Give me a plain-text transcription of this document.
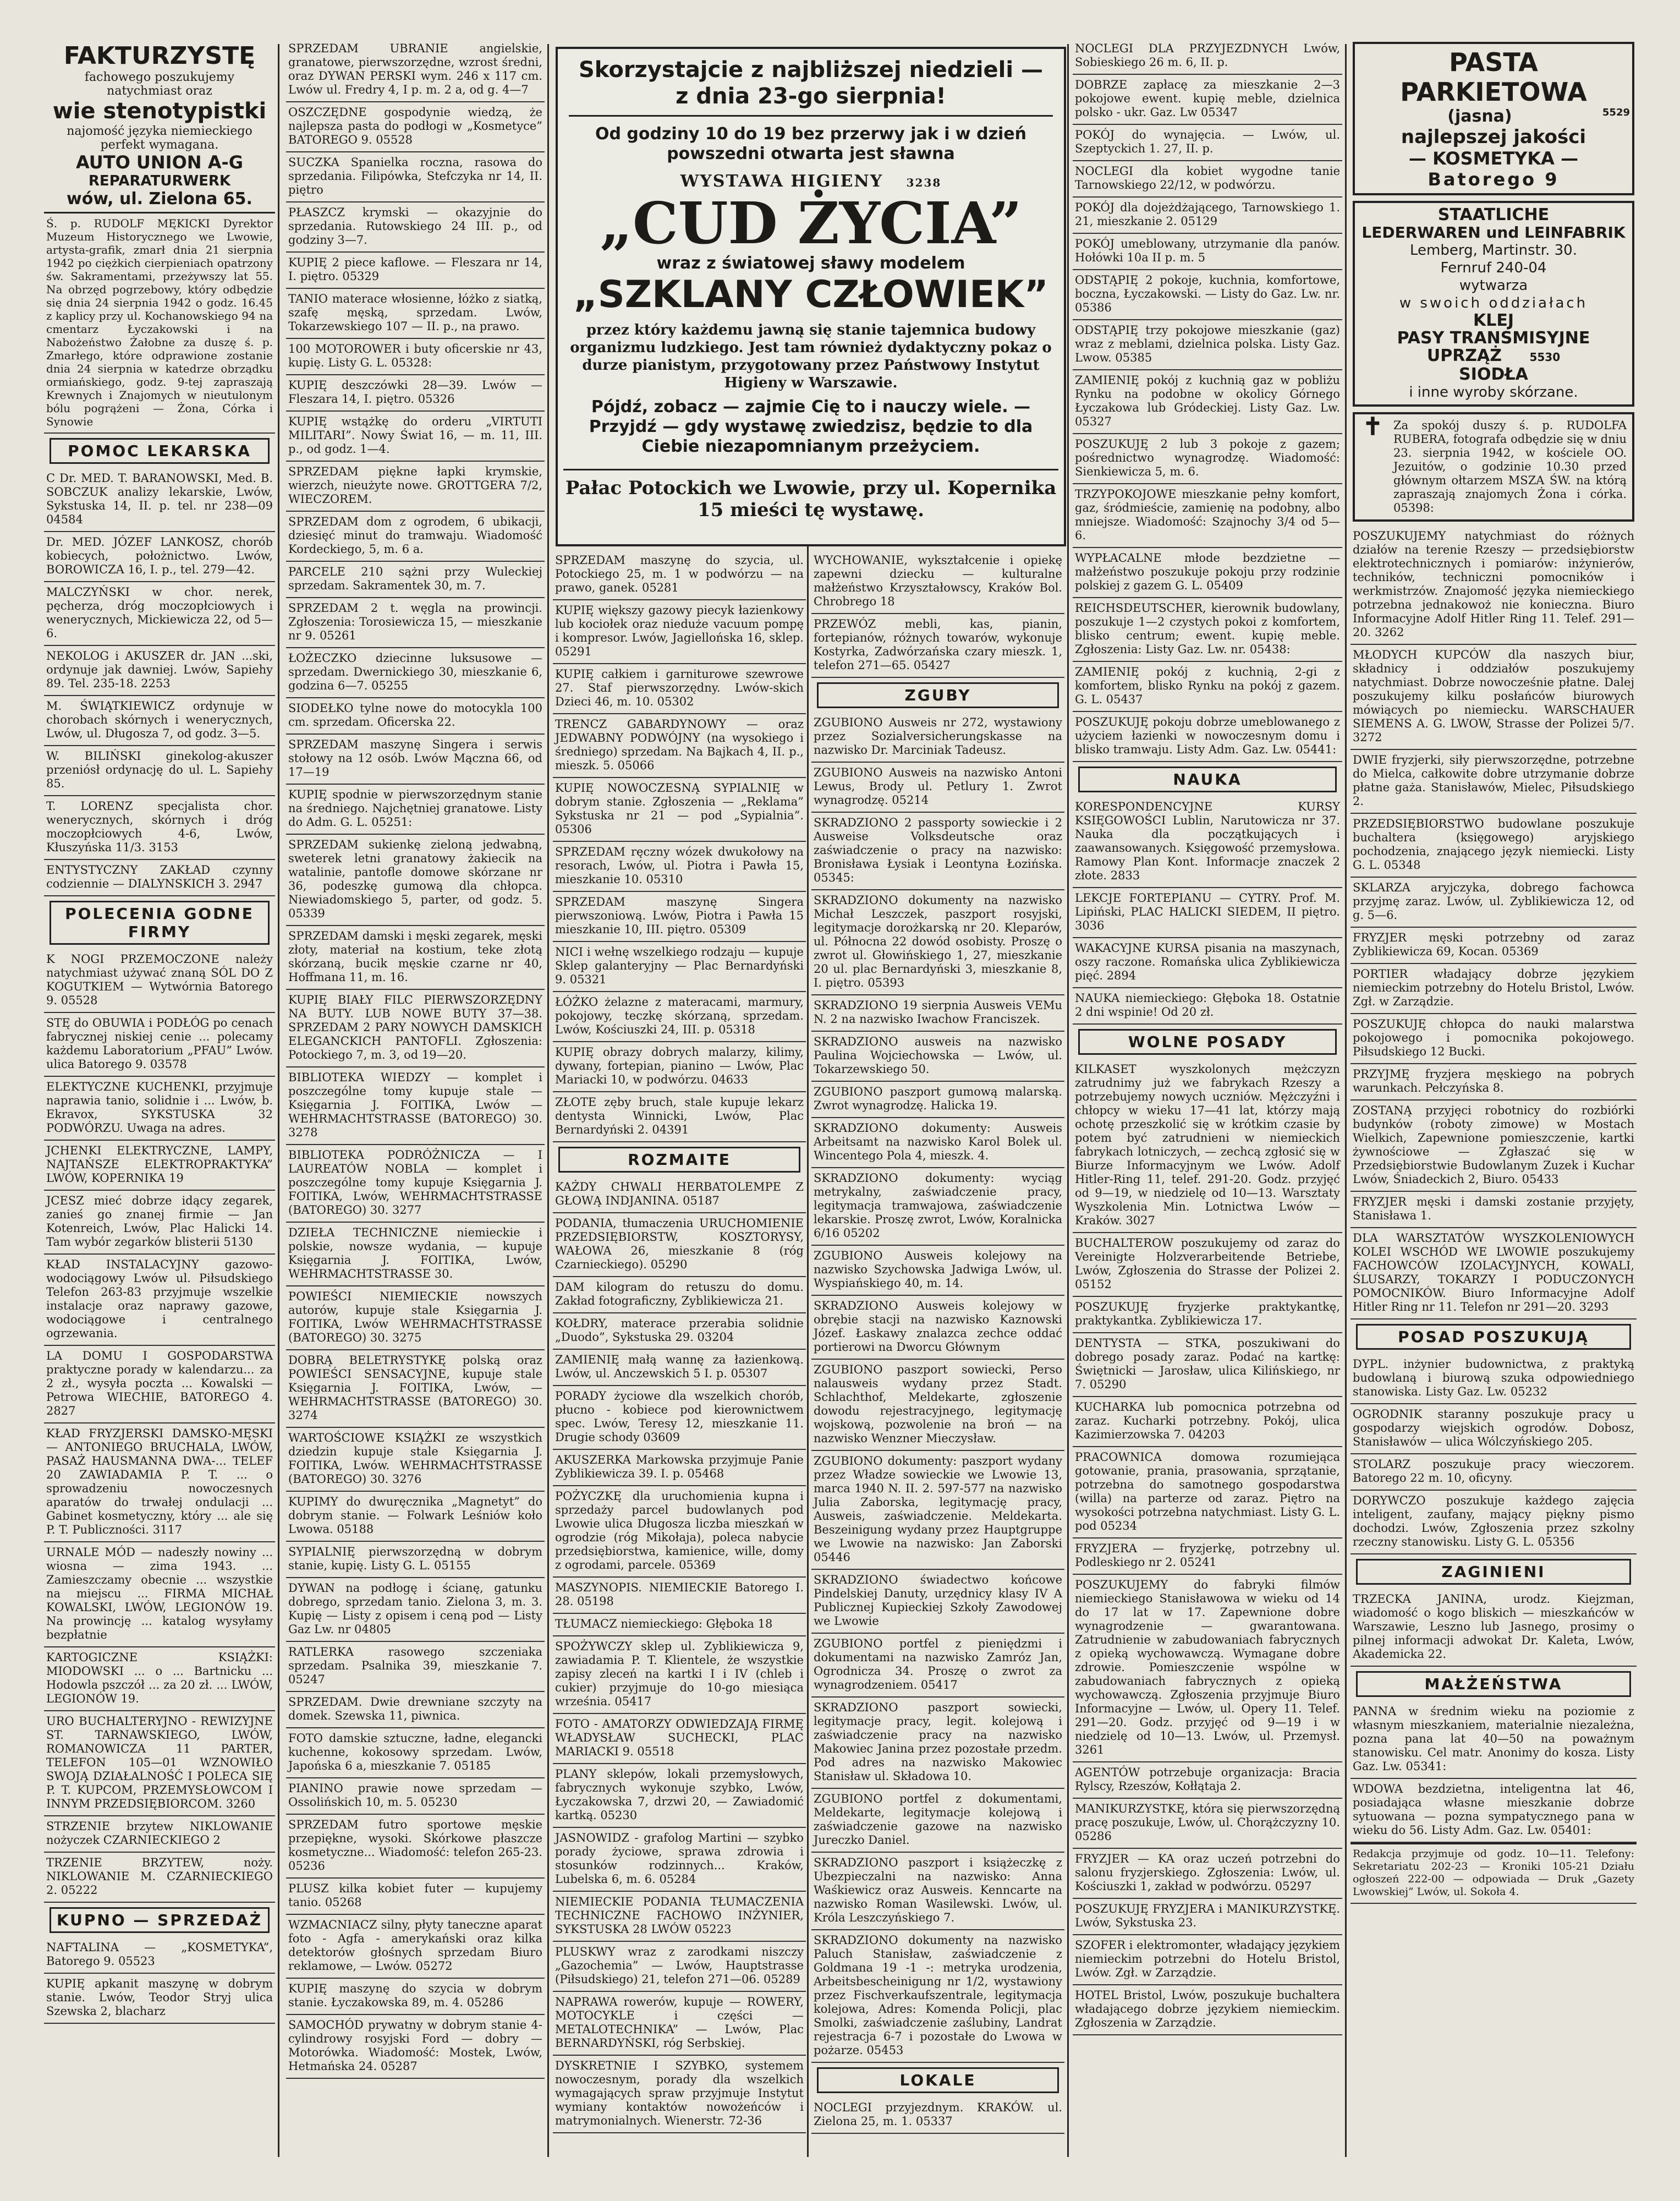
FAKTURZYSTĘ
fachowego poszukujemy natychmiast oraz
wie stenotypistki
najomość języka niemieckiego perfekt wymagana.
AUTO UNION A-G
REPARATURWERK
wów, ul. Zielona 65.
Ś. p. RUDOLF MĘKICKI Dyrektor Muzeum Historycznego we Lwowie, artysta-grafik, zmarł dnia 21 sierpnia 1942 po ciężkich cierpieniach opatrzony św. Sakramentami, przeżywszy lat 55. Na obrzęd pogrzebowy, który odbędzie się dnia 24 sierpnia 1942 o godz. 16.45 z kaplicy przy ul. Kochanowskiego 94 na cmentarz Łyczakowski i na Nabożeństwo Żałobne za duszę ś. p. Zmarłego, które odprawione zostanie dnia 24 sierpnia w katedrze obrządku ormiańskiego, godz. 9-tej zapraszają Krewnych i Znajomych w nieutulonym bólu pogrążeni — Żona, Córka i Synowie
POMOC LEKARSKA
C Dr. MED. T. BARANOWSKI, Med. B. SOBCZUK analizy lekarskie, Lwów, Sykstuska 14, II. p. tel. nr 238—09 04584
Dr. MED. JÓZEF LANKOSZ, chorób kobiecych, położnictwo. Lwów, BOROWICZA 16, I. p., tel. 279—42.
MALCZYŃSKI w chor. nerek, pęcherza, dróg moczopłciowych i wenerycznych, Mickiewicza 22, od 5—6.
NEKOLOG i AKUSZER dr. JAN ...ski, ordynuje jak dawniej. Lwów, Sapiehy 89. Tel. 235-18. 2253
M. ŚWIĄTKIEWICZ ordynuje w chorobach skórnych i wenerycznych, Lwów, ul. Długosza 7, od godz. 3—5.
W. BILIŃSKI ginekolog-akuszer przeniósł ordynację do ul. L. Sapiehy 85.
T. LORENZ specjalista chor. wenerycznych, skórnych i dróg moczopłciowych 4-6, Lwów, Kłuszyńska 11/3. 3153
ENTYSTYCZNY ZAKŁAD czynny codziennie — DIALYNSKICH 3. 2947
POLECENIA GODNE FIRMY
K NOGI PRZEMOCZONE należy natychmiast używać znaną SÓL DO Z KOGUTKIEM — Wytwórnia Batorego 9. 05528
STĘ do OBUWIA i PODŁÓG po cenach fabrycznej niskiej cenie ... polecamy każdemu Laboratorium „PFAU” Lwów. ulica Batorego 9. 03578
ELEKTYCZNE KUCHENKI, przyjmuje naprawia tanio, solidnie i ... Lwów, b. Ekravox, SYKSTUSKA 32 PODWÓRZU. Uwaga na adres.
JCHENKI ELEKTRYCZNE, LAMPY, NAJTAŃSZE ELEKTROPRAKTYKA” LWÓW, KOPERNIKA 19
JCESZ mieć dobrze idący zegarek, zanieś go znanej firmie — Jan Kotenreich, Lwów, Plac Halicki 14. Tam wybór zegarków blisterii 5130
KŁAD INSTALACYJNY gazowo-wodociągowy Lwów ul. Piłsudskiego Telefon 263-83 przyjmuje wszelkie instalacje oraz naprawy gazowe, wodociągowe i centralnego ogrzewania.
LA DOMU I GOSPODARSTWA praktyczne porady w kalendarzu... za 2 zł., wysyła poczta ... Kowalski — Petrowa WIECHIE, BATOREGO 4. 2827
KŁAD FRYZJERSKI DAMSKO-MĘSKI — ANTONIEGO BRUCHALA, LWÓW, PASAŻ HAUSMANNA DWA-... TELEF 20 ZAWIADAMIA P. T. ... o sprowadzeniu nowoczesnych aparatów do trwałej ondulacji ... Gabinet kosmetyczny, który ... ale się P. T. Publiczności. 3117
URNALE MÓD — nadeszły nowiny ... wiosna — zima 1943. ... Zamieszczamy obecnie ... wszystkie na miejscu ... FIRMA MICHAŁ KOWALSKI, LWÓW, LEGIONÓW 19. Na prowincję ... katalog wysyłamy bezpłatnie
KARTOGICZNE KSIĄŻKI: MIODOWSKI ... o ... Bartnicku ... Hodowla pszczół ... za 20 zł. ... LWÓW, LEGIONÓW 19.
URO BUCHALTERYJNO - REWIZYJNE ST. TARNAWSKIEGO, LWÓW, ROMANOWICZA 11 PARTER, TELEFON 105—01 WZNOWIŁO SWOJĄ DZIAŁALNOŚĆ I POLECA SIĘ P. T. KUPCOM, PRZEMYSŁOWCOM I INNYM PRZEDSIĘBIORCOM. 3260
STRZENIE brzytew NIKLOWANIE nożyczek CZARNIECKIEGO 2
TRZENIE BRZYTEW, noży. NIKLOWANIE M. CZARNIECKIEGO 2. 05222
KUPNO — SPRZEDAŻ
NAFTALINA — „KOSMETYKA”, Batorego 9. 05523
KUPIĘ apkanit maszynę w dobrym stanie. Lwów, Teodor Stryj ulica Szewska 2, blacharz
SPRZEDAM UBRANIE angielskie, granatowe, pierwszorzędne, wzrost średni, oraz DYWAN PERSKI wym. 246 x 117 cm. Lwów ul. Fredry 4, I p. m. 2 a, od g. 4—7
OSZCZĘDNE gospodynie wiedzą, że najlepsza pasta do podłogi w „Kosmetyce” BATOREGO 9. 05528
SUCZKA Spanielka roczna, rasowa do sprzedania. Filipówka, Stefczyka nr 14, II. piętro
PŁASZCZ krymski — okazyjnie do sprzedania. Rutowskiego 24 III. p., od godziny 3—7.
KUPIĘ 2 piece kaflowe. — Fleszara nr 14, I. piętro. 05329
TANIO materace włosienne, łóżko z siatką, szafę męską, sprzedam. Lwów, Tokarzewskiego 107 — II. p., na prawo.
100 MOTOROWER i buty oficerskie nr 43, kupię. Listy G. L. 05328:
KUPIĘ deszczówki 28—39. Lwów — Fleszara 14, I. piętro. 05326
KUPIĘ wstążkę do orderu „VIRTUTI MILITARI”. Nowy Świat 16, — m. 11, III. p., od godz. 1—4.
SPRZEDAM piękne łapki krymskie, wierzch, nieużyte nowe. GROTTGERA 7/2, WIECZOREM.
SPRZEDAM dom z ogrodem, 6 ubikacji, dziesięć minut do tramwaju. Wiadomość Kordeckiego, 5, m. 6 a.
PARCELE 210 sążni przy Wuleckiej sprzedam. Sakramentek 30, m. 7.
SPRZEDAM 2 t. węgla na prowincji. Zgłoszenia: Torosiewicza 15, — mieszkanie nr 9. 05261
ŁOŻECZKO dziecinne luksusowe — sprzedam. Dwernickiego 30, mieszkanie 6, godzina 6—7. 05255
SIODEŁKO tylne nowe do motocykla 100 cm. sprzedam. Oficerska 22.
SPRZEDAM maszynę Singera i serwis stołowy na 12 osób. Lwów Mączna 66, od 17—19
KUPIĘ spodnie w pierwszorzędnym stanie na średniego. Najchętniej granatowe. Listy do Adm. G. L. 05251:
SPRZEDAM sukienkę zieloną jedwabną, sweterek letni granatowy żakiecik na watalinie, pantofle domowe skórzane nr 36, podeszkę gumową dla chłopca. Niewiadomskiego 5, parter, od godz. 5. 05339
SPRZEDAM damski i męski zegarek, męski złoty, materiał na kostium, teke złotą skórzaną, bucik męskie czarne nr 40, Hoffmana 11, m. 16.
KUPIĘ BIAŁY FILC PIERWSZORZĘDNY NA BUTY. LUB NOWE BUTY 37—38. SPRZEDAM 2 PARY NOWYCH DAMSKICH ELEGANCKICH PANTOFLI. Zgłoszenia: Potockiego 7, m. 3, od 19—20.
BIBLIOTEKA WIEDZY — komplet i poszczególne tomy kupuje stale — Księgarnia J. FOITIKA, Lwów — WEHRMACHTSTRASSE (BATOREGO) 30. 3278
BIBLIOTEKA PODRÓŻNICZA — I LAUREATÓW NOBLA — komplet i poszczególne tomy kupuje Księgarnia J. FOITIKA, Lwów, WEHRMACHTSTRASSE (BATOREGO) 30. 3277
DZIEŁA TECHNICZNE niemieckie i polskie, nowsze wydania, — kupuje Księgarnia J. FOITIKA, Lwów, WEHRMACHTSTRASSE 30.
POWIEŚCI NIEMIECKIE nowszych autorów, kupuje stale Księgarnia J. FOITIKA, Lwów WEHRMACHTSTRASSE (BATOREGO) 30. 3275
DOBRĄ BELETRYSTYKĘ polską oraz POWIEŚCI SENSACYJNE, kupuje stale Księgarnia J. FOITIKA, Lwów, — WEHRMACHTSTRASSE (BATOREGO) 30. 3274
WARTOŚCIOWE KSIĄŻKI ze wszystkich dziedzin kupuje stale Księgarnia J. FOITIKA, Lwów. WEHRMACHTSTRASSE (BATOREGO) 30. 3276
KUPIMY do dwuręcznika „Magnetyt” do dobrym stanie. — Folwark Leśniów koło Lwowa. 05188
SYPIALNIĘ pierwszorzędną w dobrym stanie, kupię. Listy G. L. 05155
DYWAN na podłogę i ścianę, gatunku dobrego, sprzedam tanio. Zielona 3, m. 3. Kupię — Listy z opisem i ceną pod — Listy Gaz Lw. nr 04805
RATLERKA rasowego szczeniaka sprzedam. Psalnika 39, mieszkanie 7. 05247
SPRZEDAM. Dwie drewniane szczyty na domek. Szewska 11, piwnica.
FOTO damskie sztuczne, ładne, elegancki kuchenne, kokosowy sprzedam. Lwów, Japońska 6 a, mieszkanie 7. 05185
PIANINO prawie nowe sprzedam — Ossolińskich 10, m. 5. 05230
SPRZEDAM futro sportowe męskie przepiękne, wysoki. Skórkowe płaszcze kosmetyczne... Wiadomość: telefon 265-23. 05236
PLUSZ kilka kobiet futer — kupujemy tanio. 05268
WZMACNIACZ silny, płyty taneczne aparat foto - Agfa - amerykański oraz kilka detektorów głośnych sprzedam Biuro reklamowe, — Lwów. 05272
KUPIĘ maszynę do szycia w dobrym stanie. Łyczakowska 89, m. 4. 05286
SAMOCHÓD prywatny w dobrym stanie 4-cylindrowy rosyjski Ford — dobry — Motorówka. Wiadomość: Mostek, Lwów, Hetmańska 24. 05287
Skorzystajcie z najbliższej niedzieli — z dnia 23-go sierpnia!
Od godziny 10 do 19 bez przerwy jak i w dzień powszedni otwarta jest sławna
WYSTAWA HIGIENY 3238
„CUD ŻYCIA”
wraz z światowej sławy modelem
„SZKLANY CZŁOWIEK”
przez który każdemu jawną się stanie tajemnica budowy organizmu ludzkiego. Jest tam również dydaktyczny pokaz o durze pianistym, przygotowany przez Państwowy Instytut Higieny w Warszawie.
Pójdź, zobacz — zajmie Cię to i nauczy wiele. — Przyjdź — gdy wystawę zwiedzisz, będzie to dla Ciebie niezapomnianym przeżyciem.
Pałac Potockich we Lwowie, przy ul. Kopernika 15 mieści tę wystawę.
SPRZEDAM maszynę do szycia, ul. Potockiego 25, m. 1 w podwórzu — na prawo, ganek. 05281
KUPIĘ większy gazowy piecyk łazienkowy lub kociołek oraz nieduże vacuum pompę i kompresor. Lwów, Jagiellońska 16, sklep. 05291
KUPIĘ całkiem i garniturowe szewrowe 27. Staf pierwszorzędny. Lwów-skich Dzieci 46, m. 10. 05302
TRENCZ GABARDYNOWY — oraz JEDWABNY PODWÓJNY (na wysokiego i średniego) sprzedam. Na Bajkach 4, II. p., mieszk. 5. 05066
KUPIĘ NOWOCZESNĄ SYPIALNIĘ w dobrym stanie. Zgłoszenia — „Reklama” Sykstuska nr 21 — pod „Sypialnia”. 05306
SPRZEDAM ręczny wózek dwukołowy na resorach, Lwów, ul. Piotra i Pawła 15, mieszkanie 10. 05310
SPRZEDAM maszynę Singera pierwszoniową. Lwów, Piotra i Pawła 15 mieszkanie 10, III. piętro. 05309
NICI i wełnę wszelkiego rodzaju — kupuje Sklep galanteryjny — Plac Bernardyński 9. 05321
ŁÓŻKO żelazne z materacami, marmury, pokojowy, teczkę skórzaną, sprzedam. Lwów, Kościuszki 24, III. p. 05318
KUPIĘ obrazy dobrych malarzy, kilimy, dywany, fortepian, pianino — Lwów, Plac Mariacki 10, w podwórzu. 04633
ZŁOTE zęby bruch, stale kupuje lekarz dentysta Winnicki, Lwów, Plac Bernardyński 2. 04391
ROZMAITE
KAŻDY CHWALI HERBATOLEMPE Z GŁOWĄ INDJANINA. 05187
PODANIA, tłumaczenia URUCHOMIENIE PRZEDSIĘBIORSTW, KOSZTORYSY, WAŁOWA 26, mieszkanie 8 (róg Czarnieckiego). 05290
DAM kilogram do retuszu do domu. Zakład fotograficzny, Zyblikiewicza 21.
KOŁDRY, materace przerabia solidnie „Duodo”, Sykstuska 29. 03204
ZAMIENIĘ małą wannę za łazienkową. Lwów, ul. Anczewskich 5 I. p. 05307
PORADY życiowe dla wszelkich chorób, płucno - kobiece pod kierownictwem spec. Lwów, Teresy 12, mieszkanie 11. Drugie schody 03609
AKUSZERKA Markowska przyjmuje Panie Zyblikiewicza 39. I. p. 05468
POŻYCZKĘ dla uruchomienia kupna i sprzedaży parcel budowlanych pod Lwowie ulica Długosza liczba mieszkań w ogrodzie (róg Mikołaja), poleca nabycie przedsiębiorstwa, kamienice, wille, domy z ogrodami, parcele. 05369
MASZYNOPIS. NIEMIECKIE Batorego I. 28. 05198
TŁUMACZ niemieckiego: Głęboka 18
SPOŻYWCZY sklep ul. Zyblikiewicza 9, zawiadamia P. T. Klientele, że wszystkie zapisy zleceń na kartki I i IV (chleb i cukier) przyjmuje do 10-go miesiąca września. 05417
FOTO - AMATORZY ODWIEDZAJĄ FIRMĘ WŁADYSŁAW SUCHECKI, PLAC MARIACKI 9. 05518
PLANY sklepów, lokali przemysłowych, fabrycznych wykonuje szybko, Lwów, Łyczakowska 7, drzwi 20, — Zawiadomić kartką. 05230
JASNOWIDZ - grafolog Martini — szybko porady życiowe, sprawa zdrowia i stosunków rodzinnych... Kraków, Lubelska 6, m. 6. 05284
NIEMIECKIE PODANIA TŁUMACZENIA TECHNICZNE FACHOWO INŻYNIER, SYKSTUSKA 28 LWÓW 05223
PLUSKWY wraz z zarodkami niszczy „Gazochemia” — Lwów, Hauptstrasse (Piłsudskiego) 21, telefon 271—06. 05289
NAPRAWA rowerów, kupuje — ROWERY, MOTOCYKLE i części — METALOTECHNIKA” — Lwów, Plac BERNARDYŃSKI, róg Serbskiej.
DYSKRETNIE I SZYBKO, systemem nowoczesnym, porady dla wszelkich wymagających spraw przyjmuje Instytut wymiany kontaktów nowożeńców i matrymonialnych. Wienerstr. 72-36
WYCHOWANIE, wykształcenie i opiekę zapewni dziecku — kulturalne małżeństwo Krzyształowscy, Kraków Bol. Chrobrego 18
PRZEWÓZ mebli, kas, pianin, fortepianów, różnych towarów, wykonuje Kostyrka, Zadwórzańska czary mieszk. 1, telefon 271—65. 05427
ZGUBY
ZGUBIONO Ausweis nr 272, wystawiony przez Sozialversicherungskasse na nazwisko Dr. Marciniak Tadeusz.
ZGUBIONO Ausweis na nazwisko Antoni Lewus, Brody ul. Petlury 1. Zwrot wynagrodzę. 05214
SKRADZIONO 2 passporty sowieckie i 2 Ausweise Volksdeutsche oraz zaświadczenie o pracy na nazwisko: Bronisława Łysiak i Leontyna Łozińska. 05345:
SKRADZIONO dokumenty na nazwisko Michał Leszczek, paszport rosyjski, legitymacje dorożkarską nr 20. Kleparów, ul. Północna 22 dowód osobisty. Proszę o zwrot ul. Głowińskiego 1, 27, mieszkanie 20 ul. plac Bernardyński 3, mieszkanie 8, I. piętro. 05393
SKRADZIONO 19 sierpnia Ausweis VEMu N. 2 na nazwisko Iwachow Franciszek.
SKRADZIONO ausweis na nazwisko Paulina Wojciechowska — Lwów, ul. Tokarzewskiego 50.
ZGUBIONO paszport gumową malarską. Zwrot wynagrodzę. Halicka 19.
SKRADZIONO dokumenty: Ausweis Arbeitsamt na nazwisko Karol Bolek ul. Wincentego Pola 4, mieszk. 4.
SKRADZIONO dokumenty: wyciąg metrykalny, zaświadczenie pracy, legitymacja tramwajowa, zaświadczenie lekarskie. Proszę zwrot, Lwów, Koralnicka 6/16 05202
ZGUBIONO Ausweis kolejowy na nazwisko Szychowska Jadwiga Lwów, ul. Wyspiańskiego 40, m. 14.
SKRADZIONO Ausweis kolejowy w obrębie stacji na nazwisko Kaznowski Józef. Łaskawy znalazca zechce oddać portierowi na Dworcu Głównym
ZGUBIONO paszport sowiecki, Perso nalausweis wydany przez Stadt. Schlachthof, Meldekarte, zgłoszenie dowodu rejestracyjnego, legitymację wojskową, pozwolenie na broń — na nazwisko Wenzner Mieczysław.
ZGUBIONO dokumenty: paszport wydany przez Władze sowieckie we Lwowie 13, marca 1940 N. II. 2. 597-577 na nazwisko Julia Zaborska, legitymację pracy, Ausweis, zaświadczenie. Meldekarta. Beszeinigung wydany przez Hauptgruppe we Lwowie na nazwisko: Jan Zaborski 05446
SKRADZIONO świadectwo końcowe Pindelskiej Danuty, urzędnicy klasy IV A Publicznej Kupieckiej Szkoły Zawodowej we Lwowie
ZGUBIONO portfel z pieniędzmi i dokumentami na nazwisko Zamróz Jan, Ogrodnicza 34. Proszę o zwrot za wynagrodzeniem. 05417
SKRADZIONO paszport sowiecki, legitymacje pracy, legit. kolejową i zaświadczenie pracy na nazwisko Makowiec Janina przez pozostałe przedm. Pod adres na nazwisko Makowiec Stanisław ul. Składowa 10.
ZGUBIONO portfel z dokumentami, Meldekarte, legitymacje kolejową i zaświadczenie gazowe na nazwisko Jureczko Daniel.
SKRADZIONO paszport i książeczkę z Ubezpieczalni na nazwisko: Anna Waśkiewicz oraz Ausweis. Kenncarte na nazwisko Roman Wasilewski. Lwów, ul. Króla Leszczyńskiego 7.
SKRADZIONO dokumenty na nazwisko Paluch Stanisław, zaświadczenie z Goldmana 19 -1 -: metryka urodzenia, Arbeitsbescheinigung nr 1/2, wystawiony przez Fischverkaufszentrale, legitymacja kolejowa, Adres: Komenda Policji, plac Smolki, zaświadczenie zaślubiny, Landrat rejestracja 6-7 i pozostałe do Lwowa w pożarze. 05453
LOKALE
NOCLEGI przyjezdnym. KRAKÓW. ul. Zielona 25, m. 1. 05337
NOCLEGI DLA PRZYJEZDNYCH Lwów, Sobieskiego 26 m. 6, II. p.
DOBRZE zapłacę za mieszkanie 2—3 pokojowe ewent. kupię meble, dzielnica polsko - ukr. Gaz. Lw 05347
POKÓJ do wynajęcia. — Lwów, ul. Szeptyckich 1. 27, II. p.
NOCLEGI dla kobiet wygodne tanie Tarnowskiego 22/12, w podwórzu.
POKÓJ dla dojeżdżającego, Tarnowskiego 1. 21, mieszkanie 2. 05129
POKÓJ umeblowany, utrzymanie dla panów. Hołówki 10a II p. m. 5
ODSTĄPIĘ 2 pokoje, kuchnia, komfortowe, boczna, Łyczakowski. — Listy do Gaz. Lw. nr. 05386
ODSTĄPIĘ trzy pokojowe mieszkanie (gaz) wraz z meblami, dzielnica polska. Listy Gaz. Lwow. 05385
ZAMIENIĘ pokój z kuchnią gaz w pobliżu Rynku na podobne w okolicy Górnego Łyczakowa lub Gródeckiej. Listy Gaz. Lw. 05327
POSZUKUJĘ 2 lub 3 pokoje z gazem; pośrednictwo wynagrodzę. Wiadomość: Sienkiewicza 5, m. 6.
TRZYPOKOJOWE mieszkanie pełny komfort, gaz, śródmieście, zamienię na podobny, albo mniejsze. Wiadomość: Szajnochy 3/4 od 5—6.
WYPŁACALNE młode bezdzietne — małżeństwo poszukuje pokoju przy rodzinie polskiej z gazem G. L. 05409
REICHSDEUTSCHER, kierownik budowlany, poszukuje 1—2 czystych pokoi z komfortem, blisko centrum; ewent. kupię meble. Zgłoszenia: Listy Gaz. Lw. nr. 05438:
ZAMIENIĘ pokój z kuchnią, 2-gi z komfortem, blisko Rynku na pokój z gazem. G. L. 05437
POSZUKUJĘ pokoju dobrze umeblowanego z użyciem łazienki w nowoczesnym domu i blisko tramwaju. Listy Adm. Gaz. Lw. 05441:
NAUKA
KORESPONDENCYJNE KURSY KSIĘGOWOŚCI Lublin, Narutowicza nr 37. Nauka dla początkujących i zaawansowanych. Księgowość przemysłowa. Ramowy Plan Kont. Informacje znaczek 2 złote. 2833
LEKCJE FORTEPIANU — CYTRY. Prof. M. Lipiński, PLAC HALICKI SIEDEM, II piętro. 3036
WAKACYJNE KURSA pisania na maszynach, oszy raczone. Romańska ulica Zyblikiewicza pięć. 2894
NAUKA niemieckiego: Głęboka 18. Ostatnie 2 dni wspinie! Od 20 zł.
WOLNE POSADY
KILKASET wyszkolonych mężczyzn zatrudnimy już we fabrykach Rzeszy a potrzebujemy nowych uczniów. Mężczyźni i chłopcy w wieku 17—41 lat, którzy mają ochotę przeszkolić się w krótkim czasie by potem być zatrudnieni w niemieckich fabrykach lotniczych, — zechcą zgłosić się w Biurze Informacyjnym we Lwów. Adolf Hitler-Ring 11, telef. 291-20. Godz. przyjęć od 9—19, w niedzielę od 10—13. Warsztaty Wyszkolenia Min. Lotnictwa Lwów — Kraków. 3027
BUCHALTEROW poszukujemy od zaraz do Vereinigte Holzverarbeitende Betriebe, Lwów, Zgłoszenia do Strasse der Polizei 2. 05152
POSZUKUJĘ fryzjerke praktykantkę, praktykantka. Zyblikiewicza 17.
DENTYSTA — STKA, poszukiwani do dobrego posady zaraz. Podać na kartkę: Świętnicki — Jarosław, ulica Kilińskiego, nr 7. 05290
KUCHARKA lub pomocnica potrzebna od zaraz. Kucharki potrzebny. Pokój, ulica Kazimierzowska 7. 04203
PRACOWNICA domowa rozumiejąca gotowanie, prania, prasowania, sprzątanie, potrzebna do samotnego gospodarstwa (willa) na parterze od zaraz. Piętro na wysokości potrzebna natychmiast. Listy G. L. pod 05234
FRYZJERA — fryzjerkę, potrzebny ul. Podleskiego nr 2. 05241
POSZUKUJEMY do fabryki filmów niemieckiego Stanisławowa w wieku od 14 do 17 lat w 17. Zapewnione dobre wynagrodzenie — gwarantowana. Zatrudnienie w zabudowaniach fabrycznych z opieką wychowawczą. Wymagane dobre zdrowie. Pomieszczenie wspólne w zabudowaniach fabrycznych z opieką wychowawczą. Zgłoszenia przyjmuje Biuro Informacyjne — Lwów, ul. Opery 11. Telef. 291—20. Godz. przyjęć od 9—19 i w niedzielę od 10—13. Lwów, ul. Przemysł. 3261
AGENTÓW potrzebuje organizacja: Bracia Rylscy, Rzeszów, Kołłątaja 2.
MANIKURZYSTKĘ, która się pierwszorzędną pracę poszukuje, Lwów, ul. Chorążczyzny 10. 05286
FRYZJER — KA oraz uczeń potrzebni do salonu fryzjerskiego. Zgłoszenia: Lwów, ul. Kościuszki 1, zakład w podwórzu. 05297
POSZUKUJĘ FRYZJERA i MANIKURZYSTKĘ. Lwów, Sykstuska 23.
SZOFER i elektromonter, władający językiem niemieckim potrzebni do Hotelu Bristol, Lwów. Zgł. w Zarządzie.
HOTEL Bristol, Lwów, poszukuje buchaltera władającego dobrze językiem niemieckim. Zgłoszenia w Zarządzie.
PASTA PARKIETOWA
(jasna)	5529
najlepszej jakości
— KOSMETYKA —
Batorego 9
STAATLICHE
LEDERWAREN und LEINFABRIK
Lemberg, Martinstr. 30.
Fernruf 240-04
wytwarza
w swoich oddziałach
KLEJ
PASY TRANSMISYJNE
UPRZĄŻ	5530
SIODŁA
i inne wyroby skórzane.
✝ Za spokój duszy ś. p. RUDOLFA RUBERA, fotografa odbędzie się w dniu 23. sierpnia 1942, w kościele OO. Jezuitów, o godzinie 10.30 przed głównym ołtarzem MSZA ŚW. na którą zapraszają znajomych Żona i córka. 05398:
POSZUKUJEMY natychmiast do różnych działów na terenie Rzeszy — przedsiębiorstw elektrotechnicznych i pomiarów: inżynierów, techników, techniczni pomocników i werkmistrzów. Znajomość języka niemieckiego potrzebna jednakowoż nie konieczna. Biuro Informacyjne Adolf Hitler Ring 11. Telef. 291—20. 3262
MŁODYCH KUPCÓW dla naszych biur, składnicy i oddziałów poszukujemy natychmiast. Dobrze nowocześnie płatne. Dalej poszukujemy kilku posłańców biurowych mówiących po niemiecku. WARSCHAUER SIEMENS A. G. LWOW, Strasse der Polizei 5/7. 3272
DWIE fryzjerki, siły pierwszorzędne, potrzebne do Mielca, całkowite dobre utrzymanie dobrze płatne gaża. Stanisławów, Mielec, Piłsudskiego 2.
PRZEDSIĘBIORSTWO budowlane poszukuje buchaltera (księgowego) aryjskiego pochodzenia, znającego język niemiecki. Listy G. L. 05348
SKLARZA aryjczyka, dobrego fachowca przyjmę zaraz. Lwów, ul. Zyblikiewicza 12, od g. 5—6.
FRYZJER męski potrzebny od zaraz Zyblikiewicza 69, Kocan. 05369
PORTIER władający dobrze językiem niemieckim potrzebny do Hotelu Bristol, Lwów. Zgł. w Zarządzie.
POSZUKUJĘ chłopca do nauki malarstwa pokojowego i pomocnika pokojowego. Piłsudskiego 12 Bucki.
PRZYJMĘ fryzjera męskiego na pobrych warunkach. Pełczyńska 8.
ZOSTANĄ przyjęci robotnicy do rozbiórki budynków (roboty zimowe) w Mostach Wielkich, Zapewnione pomieszczenie, kartki żywnościowe — Zgłaszać się w Przedsiębiorstwie Budowlanym Zuzek i Kuchar Lwów, Śniadeckich 2, Biuro. 05433
FRYZJER męski i damski zostanie przyjęty, Stanisława 1.
DLA WARSZTATÓW WYSZKOLENIOWYCH KOLEI WSCHÓD WE LWOWIE poszukujemy FACHOWCÓW IZOLACYJNYCH, KOWALI, ŚLUSARZY, TOKARZY I PODUCZONYCH POMOCNIKÓW. Biuro Informacyjne Adolf Hitler Ring nr 11. Telefon nr 291—20. 3293
POSAD POSZUKUJĄ
DYPL. inżynier budownictwa, z praktyką budowlaną i biurową szuka odpowiedniego stanowiska. Listy Gaz. Lw. 05232
OGRODNIK staranny poszukuje pracy u gospodarzy wiejskich ogrodów. Dobosz, Stanisławów — ulica Wólczyńskiego 205.
STOLARZ poszukuje pracy wieczorem. Batorego 22 m. 10, oficyny.
DORYWCZO poszukuje każdego zajęcia inteligent, zaufany, mający piękny pismo dochodzi. Lwów, Zgłoszenia przez szkolny rzeczny stanowisku. Listy G. L. 05356
ZAGINIENI
TRZECKA JANINA, urodz. Kiejzman, wiadomość o kogo bliskich — mieszkańców w Warszawie, Leszno lub Jasnego, prosimy o pilnej informacji adwokat Dr. Kaleta, Lwów, Akademicka 22.
MAŁŻEŃSTWA
PANNA w średnim wieku na poziomie z własnym mieszkaniem, materialnie niezależna, pozna pana lat 40—50 na poważnym stanowisku. Cel matr. Anonimy do kosza. Listy Gaz. Lw. 05341:
WDOWA bezdzietna, inteligentna lat 46, posiadająca własne mieszkanie dobrze sytuowana — pozna sympatycznego pana w wieku do 56. Listy Adm. Gaz. Lw. 05401:
Redakcja przyjmuje od godz. 10—11. Telefony: Sekretariatu 202-23 — Kroniki 105-21 Działu ogłoszeń 222-00 — odpowiada — Druk „Gazety Lwowskiej” Lwów, ul. Sokoła 4.
